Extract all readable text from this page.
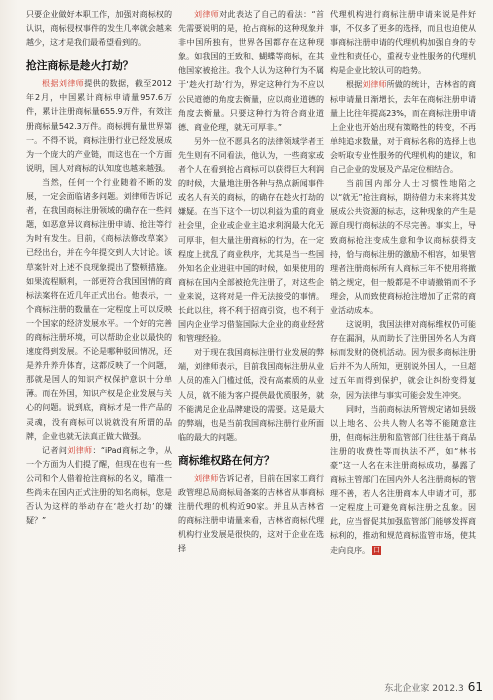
只要企业做好本职工作，加强对商标权的认识，商标侵权事件的发生几率就会越来越少，这才是我们最希望看到的。

抢注商标是趁火打劫？

根据刘律师提供的数据，截至2012年2月，中国累计商标申请量957.6万件，累计注册商标量655.9万件，有效注册商标量542.3万件。商标拥有量世界第一。不得不说，商标注册行业已经发展成为一个庞大的产业链，而这也在一个方面说明，国人对商标的认知度也越来越强。

当然，任何一个行业随着不断的发展，一定会面临诸多问题。刘律师告诉记者，在我国商标注册领域的确存在一些问题，如恶意异议商标注册申请、抢注等行为时有发生。目前，《商标法修改草案》已经出台，并在今年提交到人大讨论。该草案针对上述不良现象提出了整顿措施。如果流程顺利，一部更符合我国国情的商标法案将在近几年正式出台。他表示，一个商标注册的数量在一定程度上可以反映一个国家的经济发展水平。一个好的完善的商标注册环境，可以帮助企业以最快的速度得到发展。不论是哪种驳回情况，还是养升养升体育，这都反映了一个问题，那就是国人的知识产权保护意识十分单薄。而在外国，知识产权是企业发展与关心的问题。说到底，商标才是一件产品的灵魂，没有商标可以说就没有所谓的品牌，企业也就无法真正做大做强。

记者问刘律师：“iPad商标之争，从一个方面为人们提了醒，但现在也有一些公司和个人借着抢注商标的名义，瞄准一些尚未在国内正式注册的知名商标，您是否认为这样的举动存在‘趁火打劫’的嫌疑？”

刘律师对此表达了自己的看法：“首先需要说明的是，抢占商标的这种现象并非中国所独有，世界各国都存在这种现象。如我国的王致和、蝴蝶等商标，在其他国家被抢注。我个人认为这种行为不属于‘趁火打劫’行为，界定这种行为不应以公民道德的角度去衡量，应以商业道德的角度去衡量。只要这种行为符合商业道德、商业伦理，就无可厚非。”

另外一位不愿具名的法律领域学者王先生则有不同看法，他认为，一些商家或者个人在看到抢占商标可以获得巨大利润的时候，大量地注册各种与热点新闻事件或名人有关的商标，的确存在趁火打劫的嫌疑。在当下这个一切以利益为重的商业社会里，企业或企业主追求利润最大化无可厚非，但大量注册商标的行为，在一定程度上扰乱了商业秩序，尤其是当一些国外知名企业进驻中国的时候，如果使用的商标在国内全部被抢先注册了，对这些企业来说，这将对是一件无法接受的事情。长此以往，将不利于招商引资，也不利于国内企业学习借鉴国际大企业的商业经营和管理经验。

对于现在我国商标注册行业发展的弊端，刘律师表示，目前我国商标注册从业人员的准入门槛过低，没有高素质的从业人员，就不能为客户提供最优质服务，就不能满足企业品牌建设的需要。这是最大的弊端，也是当前我国商标注册行业所面临的最大的问题。

商标维权路在何方？

刘律师告诉记者，目前在国家工商行政管理总局商标局备案的吉林省从事商标注册代理的机构近90家。并且从吉林省的商标注册申请量来看，吉林省商标代理机构行业发展是很快的，这对于企业在选择

代理机构进行商标注册申请来说是件好事，不仅多了更多的选择，而且也迫使从事商标注册申请的代理机构加强自身的专业性和责任心，重视专业性服务的代理机构是企业比较认可的趋势。

根据刘律师所做的统计，吉林省的商标申请量日渐增长，去年在商标注册申请量上比往年提高23%，而在商标注册申请上企业也开始出现有策略性的转变，不再单纯追求数量，对于商标名称的选择上也会听取专业性服务的代理机构的建议，和自己企业的发展及产品定位相结合。

当前国内部分人士习惯性地陷之以“就无”抢注商标，期待借力未来将其发展成公共资源的标志，这种现象的产生是源自现行商标法的不尽完善。事实上，导致商标抢注变成生意和争议商标获得支持，恰与商标注册的激励不相容，如果管理者注册商标所有人商标三年不使用将撤销之规定，但一般都是不申请撤销而不予理会，从而致使商标抢注增加了正常的商业活动成本。

这说明，我国法律对商标维权仍可能存在漏洞，从而助长了注册国外名人为商标而发财的侥机活动。因为很多商标注册后并不为人所知，更别说外国人，一旦超过五年而得到保护，就会让纠纷变得复杂，因为法律与事实可能会发生冲突。

同时，当前商标法所管规定诸如县级以上地名、公共人物人名等不能随意注册，但商标注册和监管部门往往基于商品注册的收费性等而执法不严，如“林书豪”这一人名在未注册商标成功，暴露了商标主管部门在国内外人名注册商标的管理不善，若人名注册商本人申请才可，那一定程度上可避免商标注册之乱象。因此，应当督促其加强监管部门能够发挥商标利的，推动和规范商标监管市场，使其走向良序。 口

东北企业家 2012.3 61
